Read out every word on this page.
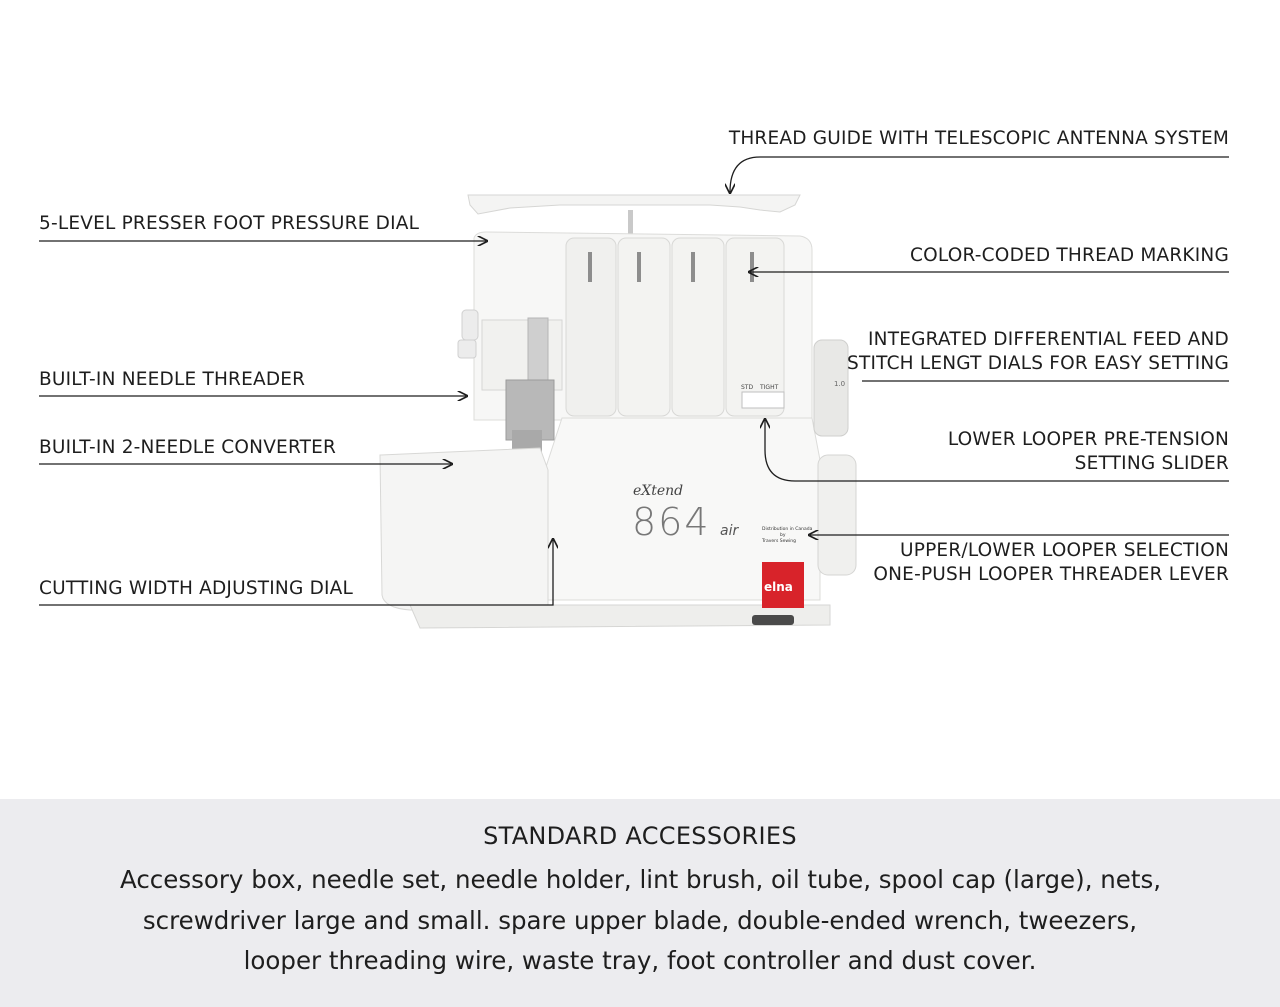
STD TIGHT	1.0
eXtend
864 air	Distribution in Canada
by
Travers Sewing
elna
5-LEVEL PRESSER FOOT PRESSURE DIAL
BUILT-IN NEEDLE THREADER
BUILT-IN 2-NEEDLE CONVERTER
CUTTING WIDTH ADJUSTING DIAL
THREAD GUIDE WITH TELESCOPIC ANTENNA SYSTEM
COLOR-CODED THREAD MARKING
INTEGRATED DIFFERENTIAL FEED AND
STITCH LENGT DIALS FOR EASY SETTING
LOWER LOOPER PRE-TENSION
SETTING SLIDER
UPPER/LOWER LOOPER SELECTION
ONE-PUSH LOOPER THREADER LEVER
STANDARD ACCESSORIES
Accessory box, needle set, needle holder, lint brush, oil tube, spool cap (large), nets,
screwdriver large and small. spare upper blade, double-ended wrench, tweezers,
looper threading wire, waste tray, foot controller and dust cover.
